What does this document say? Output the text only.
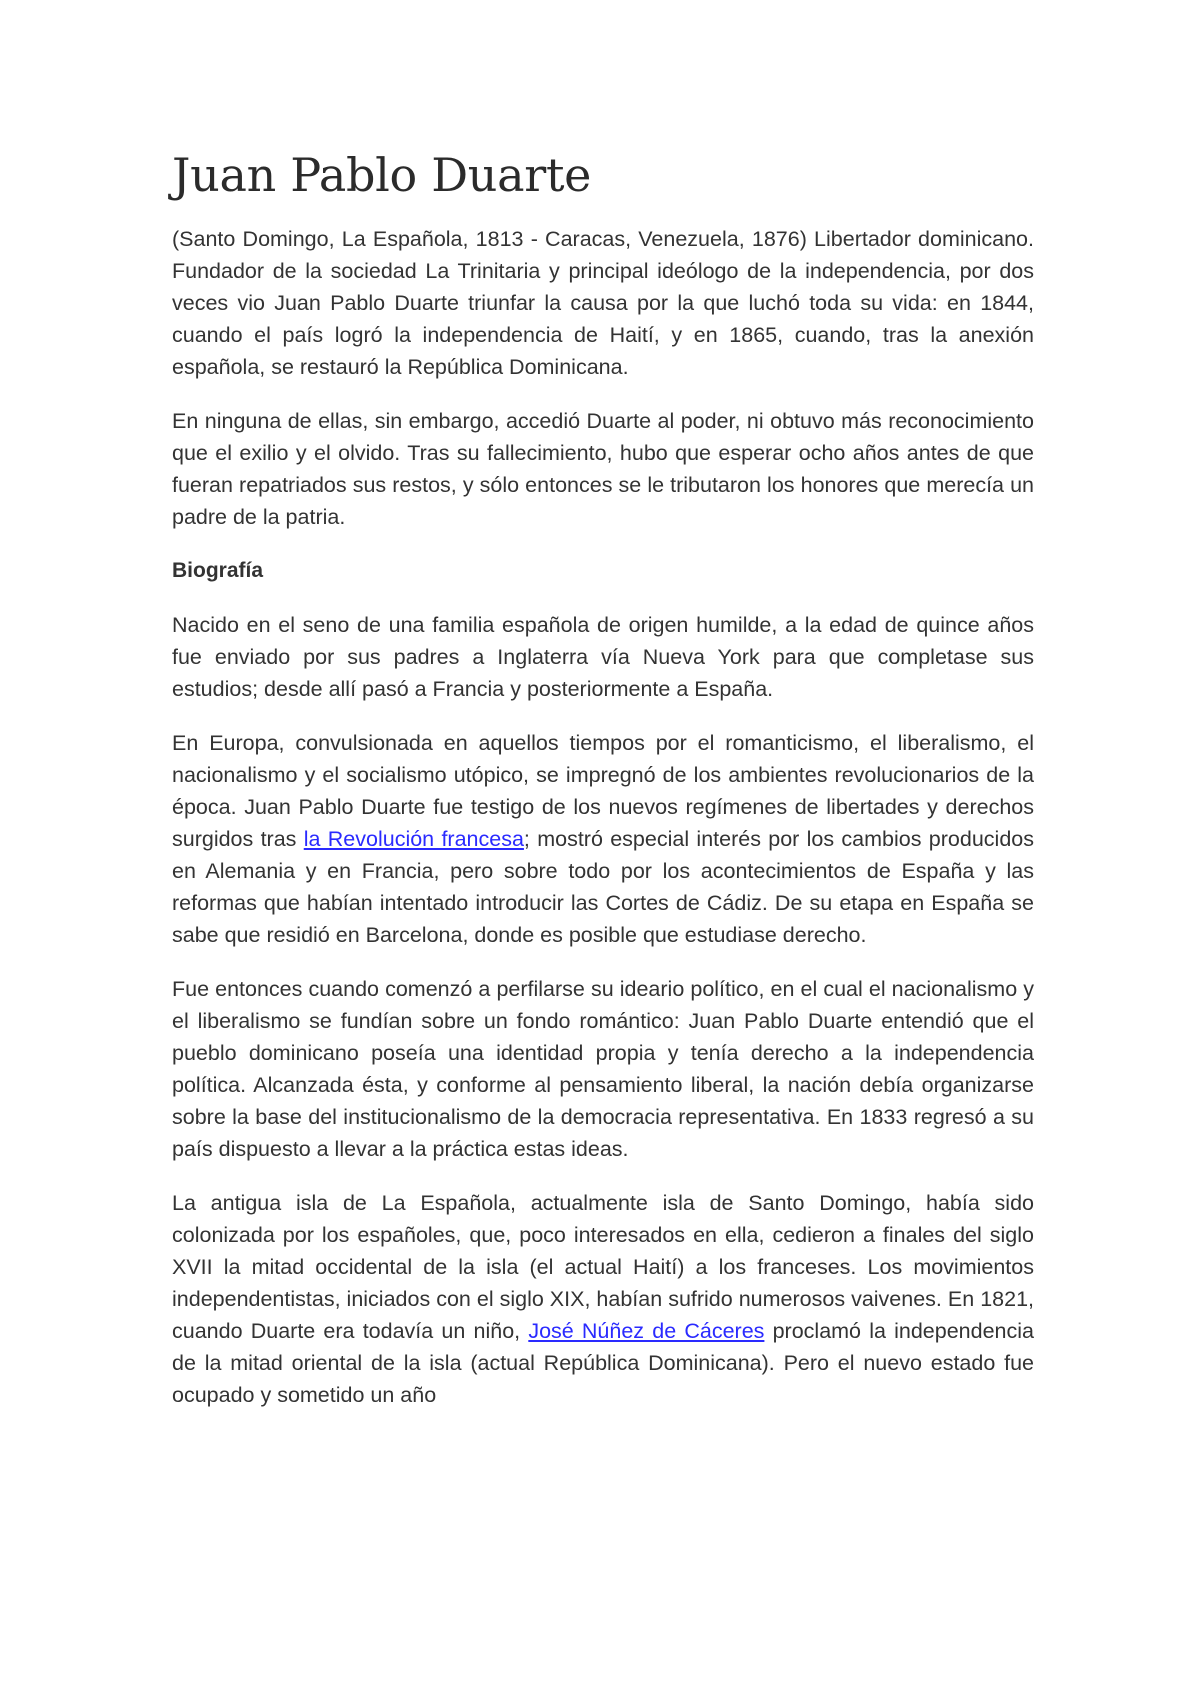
Juan Pablo Duarte

(Santo Domingo, La Española, 1813 - Caracas, Venezuela, 1876) Libertador dominicano. Fundador de la sociedad La Trinitaria y principal ideólogo de la independencia, por dos veces vio Juan Pablo Duarte triunfar la causa por la que luchó toda su vida: en 1844, cuando el país logró la independencia de Haití, y en 1865, cuando, tras la anexión española, se restauró la República Dominicana.

En ninguna de ellas, sin embargo, accedió Duarte al poder, ni obtuvo más reconocimiento que el exilio y el olvido. Tras su fallecimiento, hubo que esperar ocho años antes de que fueran repatriados sus restos, y sólo entonces se le tributaron los honores que merecía un padre de la patria.

Biografía

Nacido en el seno de una familia española de origen humilde, a la edad de quince años fue enviado por sus padres a Inglaterra vía Nueva York para que completase sus estudios; desde allí pasó a Francia y posteriormente a España.

En Europa, convulsionada en aquellos tiempos por el romanticismo, el liberalismo, el nacionalismo y el socialismo utópico, se impregnó de los ambientes revolucionarios de la época. Juan Pablo Duarte fue testigo de los nuevos regímenes de libertades y derechos surgidos tras la Revolución francesa; mostró especial interés por los cambios producidos en Alemania y en Francia, pero sobre todo por los acontecimientos de España y las reformas que habían intentado introducir las Cortes de Cádiz. De su etapa en España se sabe que residió en Barcelona, donde es posible que estudiase derecho.

Fue entonces cuando comenzó a perfilarse su ideario político, en el cual el nacionalismo y el liberalismo se fundían sobre un fondo romántico: Juan Pablo Duarte entendió que el pueblo dominicano poseía una identidad propia y tenía derecho a la independencia política. Alcanzada ésta, y conforme al pensamiento liberal, la nación debía organizarse sobre la base del institucionalismo de la democracia representativa. En 1833 regresó a su país dispuesto a llevar a la práctica estas ideas.

La antigua isla de La Española, actualmente isla de Santo Domingo, había sido colonizada por los españoles, que, poco interesados en ella, cedieron a finales del siglo XVII la mitad occidental de la isla (el actual Haití) a los franceses. Los movimientos independentistas, iniciados con el siglo XIX, habían sufrido numerosos vaivenes. En 1821, cuando Duarte era todavía un niño, José Núñez de Cáceres proclamó la independencia de la mitad oriental de la isla (actual República Dominicana). Pero el nuevo estado fue ocupado y sometido un año
